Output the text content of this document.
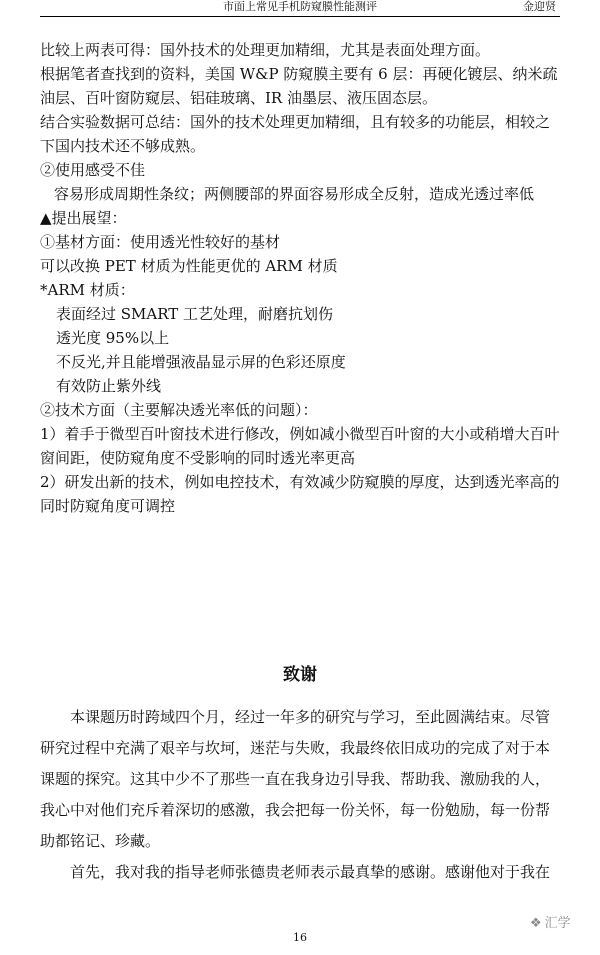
市面上常见手机防窥膜性能测评	金迎贤

比较上两表可得：国外技术的处理更加精细，尤其是表面处理方面。

根据笔者查找到的资料，美国 W&P 防窥膜主要有 6 层：再硬化镀层、纳米疏

油层、百叶窗防窥层、铝硅玻璃、IR 油墨层、液压固态层。

结合实验数据可总结：国外的技术处理更加精细，且有较多的功能层，相较之

下国内技术还不够成熟。

②使用感受不佳

容易形成周期性条纹；两侧腰部的界面容易形成全反射，造成光透过率低

▲提出展望：

①基材方面：使用透光性较好的基材

可以改换 PET 材质为性能更优的 ARM 材质

*ARM 材质：

表面经过 SMART 工艺处理，耐磨抗划伤

透光度 95%以上

不反光,并且能增强液晶显示屏的色彩还原度

有效防止紫外线

②技术方面（主要解决透光率低的问题）：

1）着手于微型百叶窗技术进行修改，例如减小微型百叶窗的大小或稍增大百叶

窗间距，使防窥角度不受影响的同时透光率更高

2）研发出新的技术，例如电控技术，有效减少防窥膜的厚度，达到透光率高的

同时防窥角度可调控

致谢

本课题历时跨域四个月，经过一年多的研究与学习，至此圆满结束。尽管

研究过程中充满了艰辛与坎坷，迷茫与失败，我最终依旧成功的完成了对于本

课题的探究。这其中少不了那些一直在我身边引导我、帮助我、激励我的人，

我心中对他们充斥着深切的感激，我会把每一份关怀，每一份勉励，每一份帮

助都铭记、珍藏。

首先，我对我的指导老师张德贵老师表示最真挚的感谢。感谢他对于我在

16
❖ 汇学
